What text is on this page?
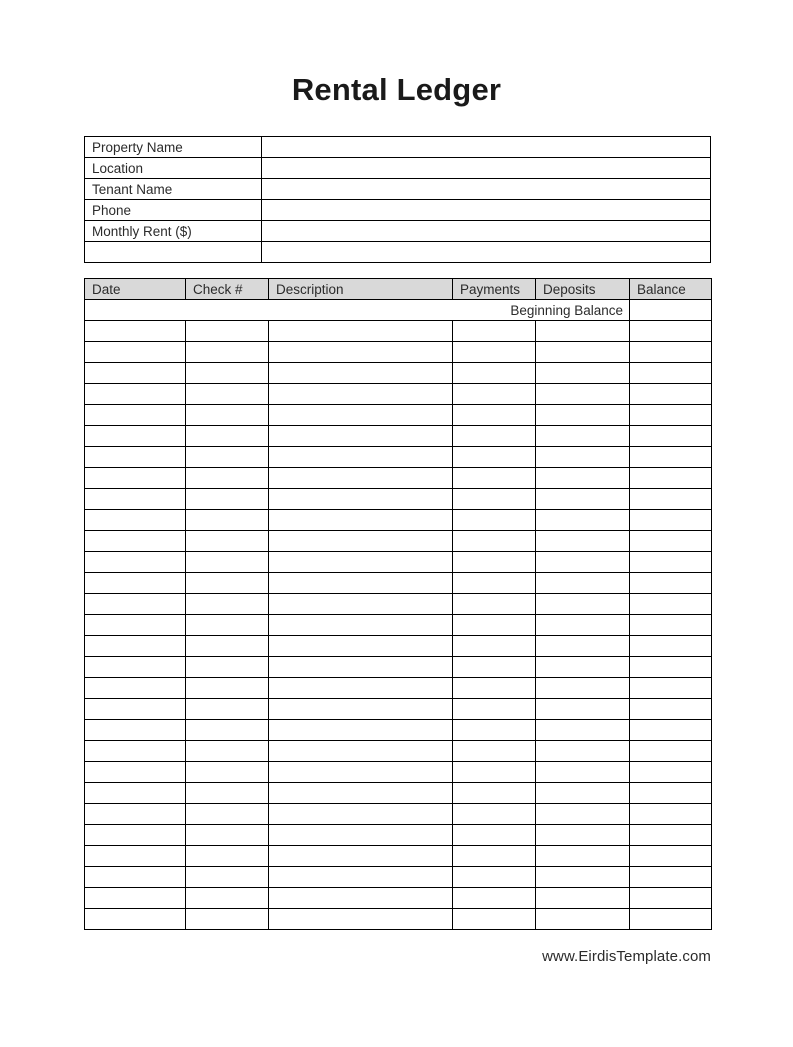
Rental Ledger
Property Name	
Location	
Tenant Name	
Phone	
Monthly Rent ($)	

Date	Check #	Description	Payments	Deposits	Balance
Beginning Balance					

www.EirdisTemplate.com
